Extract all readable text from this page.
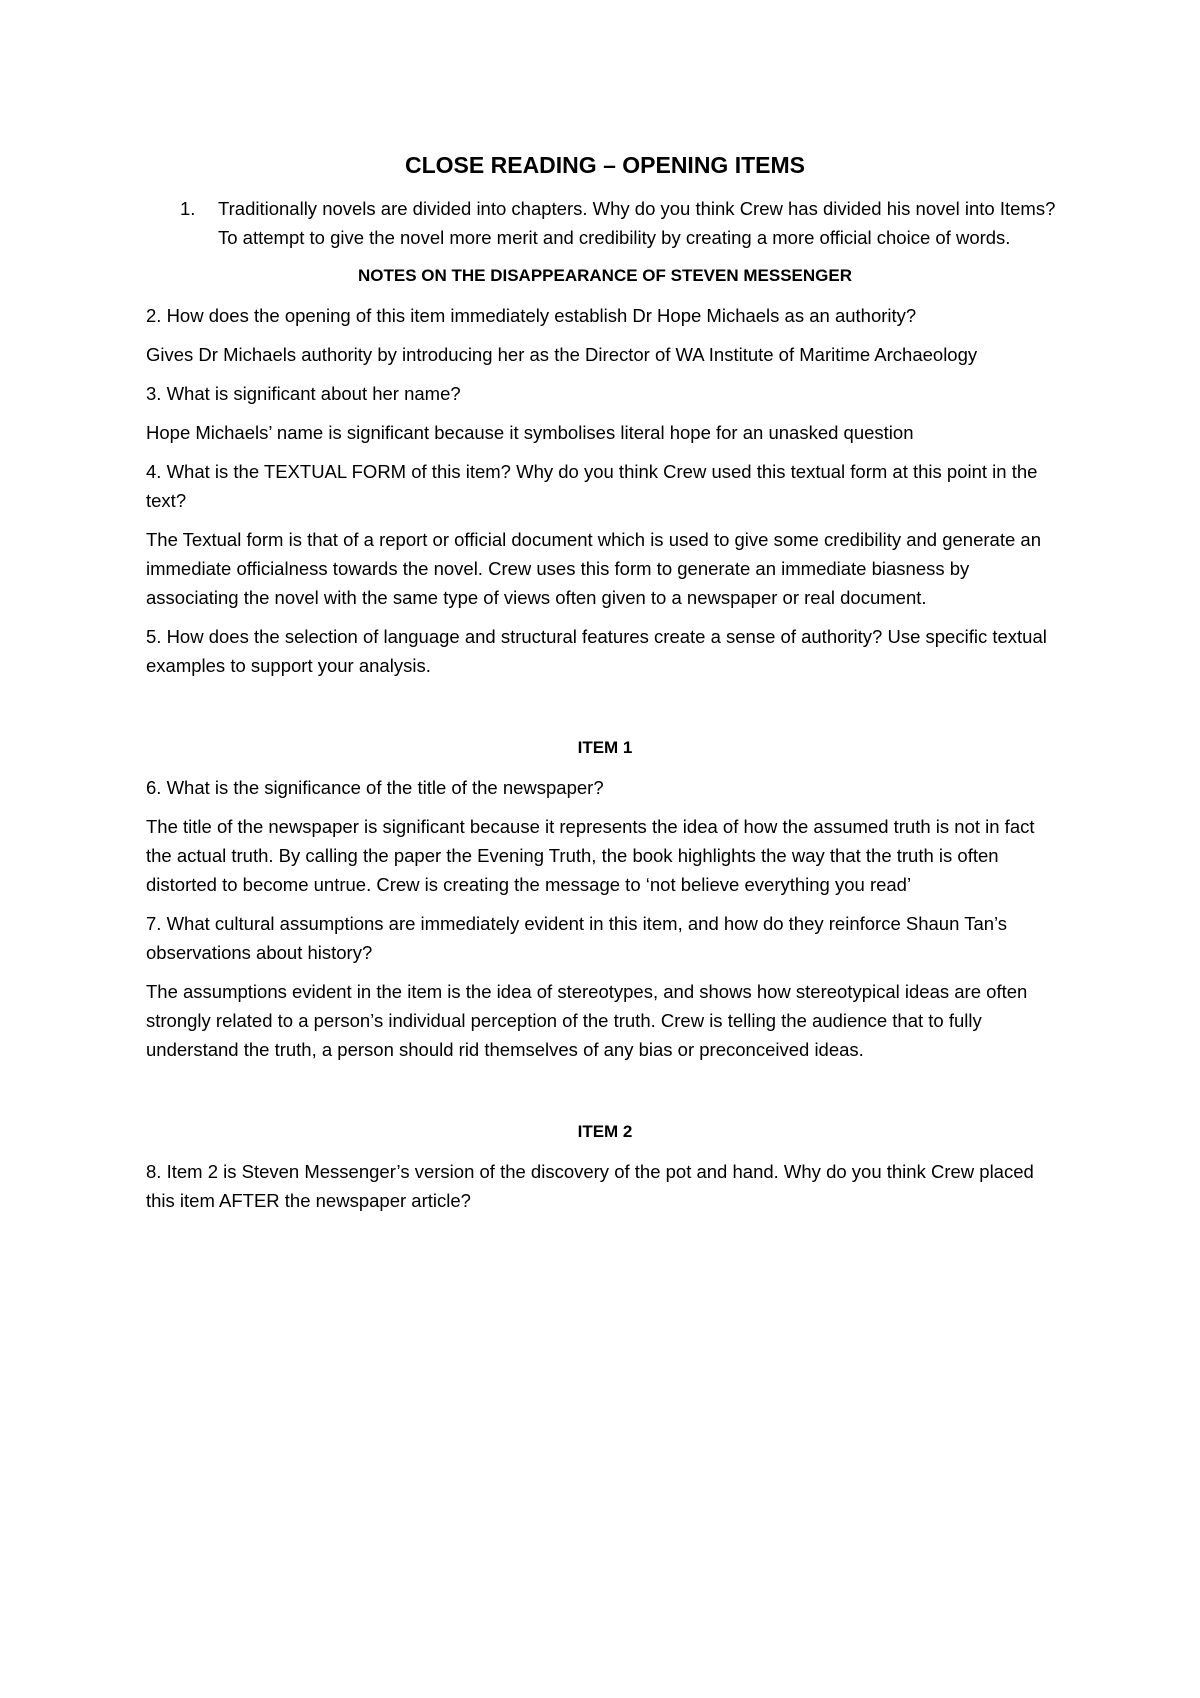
CLOSE READING – OPENING ITEMS
1. Traditionally novels are divided into chapters. Why do you think Crew has divided his novel into Items?
To attempt to give the novel more merit and credibility by creating a more official choice of words.
NOTES ON THE DISAPPEARANCE OF STEVEN MESSENGER

2. How does the opening of this item immediately establish Dr Hope Michaels as an authority?

Gives Dr Michaels authority by introducing her as the Director of WA Institute of Maritime Archaeology

3. What is significant about her name?

Hope Michaels’ name is significant because it symbolises literal hope for an unasked question

4. What is the TEXTUAL FORM of this item? Why do you think Crew used this textual form at this point in the text?

The Textual form is that of a report or official document which is used to give some credibility and generate an immediate officialness towards the novel. Crew uses this form to generate an immediate biasness by associating the novel with the same type of views often given to a newspaper or real document.

5. How does the selection of language and structural features create a sense of authority? Use specific textual examples to support your analysis.

ITEM 1

6. What is the significance of the title of the newspaper?

The title of the newspaper is significant because it represents the idea of how the assumed truth is not in fact the actual truth. By calling the paper the Evening Truth, the book highlights the way that the truth is often distorted to become untrue. Crew is creating the message to ‘not believe everything you read’

7. What cultural assumptions are immediately evident in this item, and how do they reinforce Shaun Tan’s observations about history?

The assumptions evident in the item is the idea of stereotypes, and shows how stereotypical ideas are often strongly related to a person’s individual perception of the truth. Crew is telling the audience that to fully understand the truth, a person should rid themselves of any bias or preconceived ideas.

ITEM 2

8. Item 2 is Steven Messenger’s version of the discovery of the pot and hand. Why do you think Crew placed this item AFTER the newspaper article?
